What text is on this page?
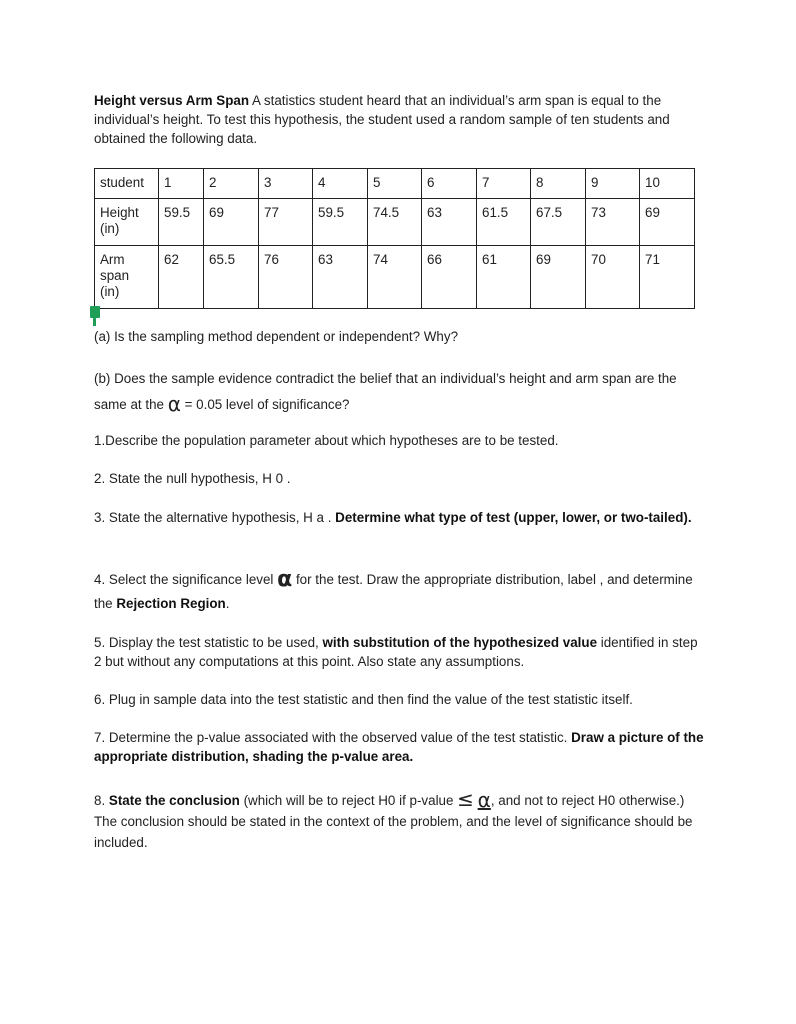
Height versus Arm Span A statistics student heard that an individual’s arm span is equal to the individual’s height. To test this hypothesis, the student used a random sample of ten students and obtained the following data.

student	1	2	3	4	5	6	7	8	9	10
Height (in)	59.5	69	77	59.5	74.5	63	61.5	67.5	73	69
Arm span (in)	62	65.5	76	63	74	66	61	69	70	71

(a) Is the sampling method dependent or independent? Why?

(b) Does the sample evidence contradict the belief that an individual’s height and arm span are the same at the α = 0.05 level of significance?

1.Describe the population parameter about which hypotheses are to be tested.

2. State the null hypothesis, H 0 .

3. State the alternative hypothesis, H a . Determine what type of test (upper, lower, or two-tailed).

4. Select the significance level α for the test. Draw the appropriate distribution, label , and determine the Rejection Region.

5. Display the test statistic to be used, with substitution of the hypothesized value identified in step 2 but without any computations at this point. Also state any assumptions.

6. Plug in sample data into the test statistic and then find the value of the test statistic itself.

7. Determine the p-value associated with the observed value of the test statistic. Draw a picture of the appropriate distribution, shading the p-value area.

8. State the conclusion (which will be to reject H0 if p-value ≤ α, and not to reject H0 otherwise.) The conclusion should be stated in the context of the problem, and the level of significance should be included.
